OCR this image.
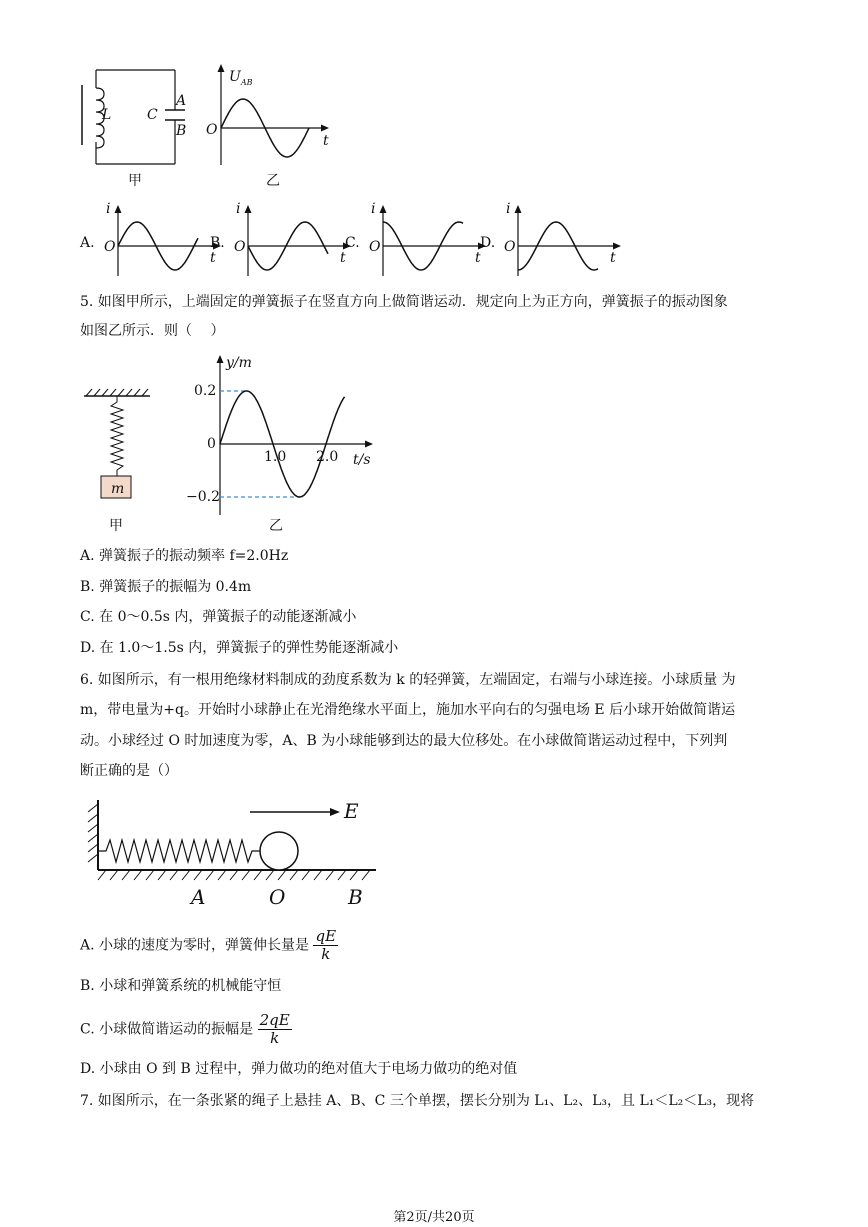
L	C
A
B
甲
$U_{AB}$
O
t
乙
A.
i
O
t
B.
i
O
t
C.
i
O
t
D.
i
O
t
5. 如图甲所示，上端固定的弹簧振子在竖直方向上做简谐运动．规定向上为正方向，弹簧振子的振动图象
如图乙所示．则（　 ）
m
甲
y/m
0.2
0
−0.2
1.0 2.0 t/s
乙
A. 弹簧振子的振动频率 f=2.0Hz
B. 弹簧振子的振幅为 0.4m
C. 在 0～0.5s 内，弹簧振子的动能逐渐减小
D. 在 1.0～1.5s 内，弹簧振子的弹性势能逐渐减小
6. 如图所示，有一根用绝缘材料制成的劲度系数为 k 的轻弹簧，左端固定，右端与小球连接。小球质量 为
m，带电量为+q。开始时小球静止在光滑绝缘水平面上，施加水平向右的匀强电场 E 后小球开始做简谐运
动。小球经过 O 时加速度为零，A、B 为小球能够到达的最大位移处。在小球做简谐运动过程中，下列判
断正确的是（）
E
A	O	B
A. 小球的速度为零时，弹簧伸长量是 $\frac{qE}{k}$
B. 小球和弹簧系统的机械能守恒
C. 小球做简谐运动的振幅是 $\frac{2qE}{k}$
D. 小球由 O 到 B 过程中，弹力做功的绝对值大于电场力做功的绝对值
7. 如图所示，在一条张紧的绳子上悬挂 A、B、C 三个单摆，摆长分别为 L₁、L₂、L₃，且 L₁＜L₂＜L₃，现将
第2页/共20页
